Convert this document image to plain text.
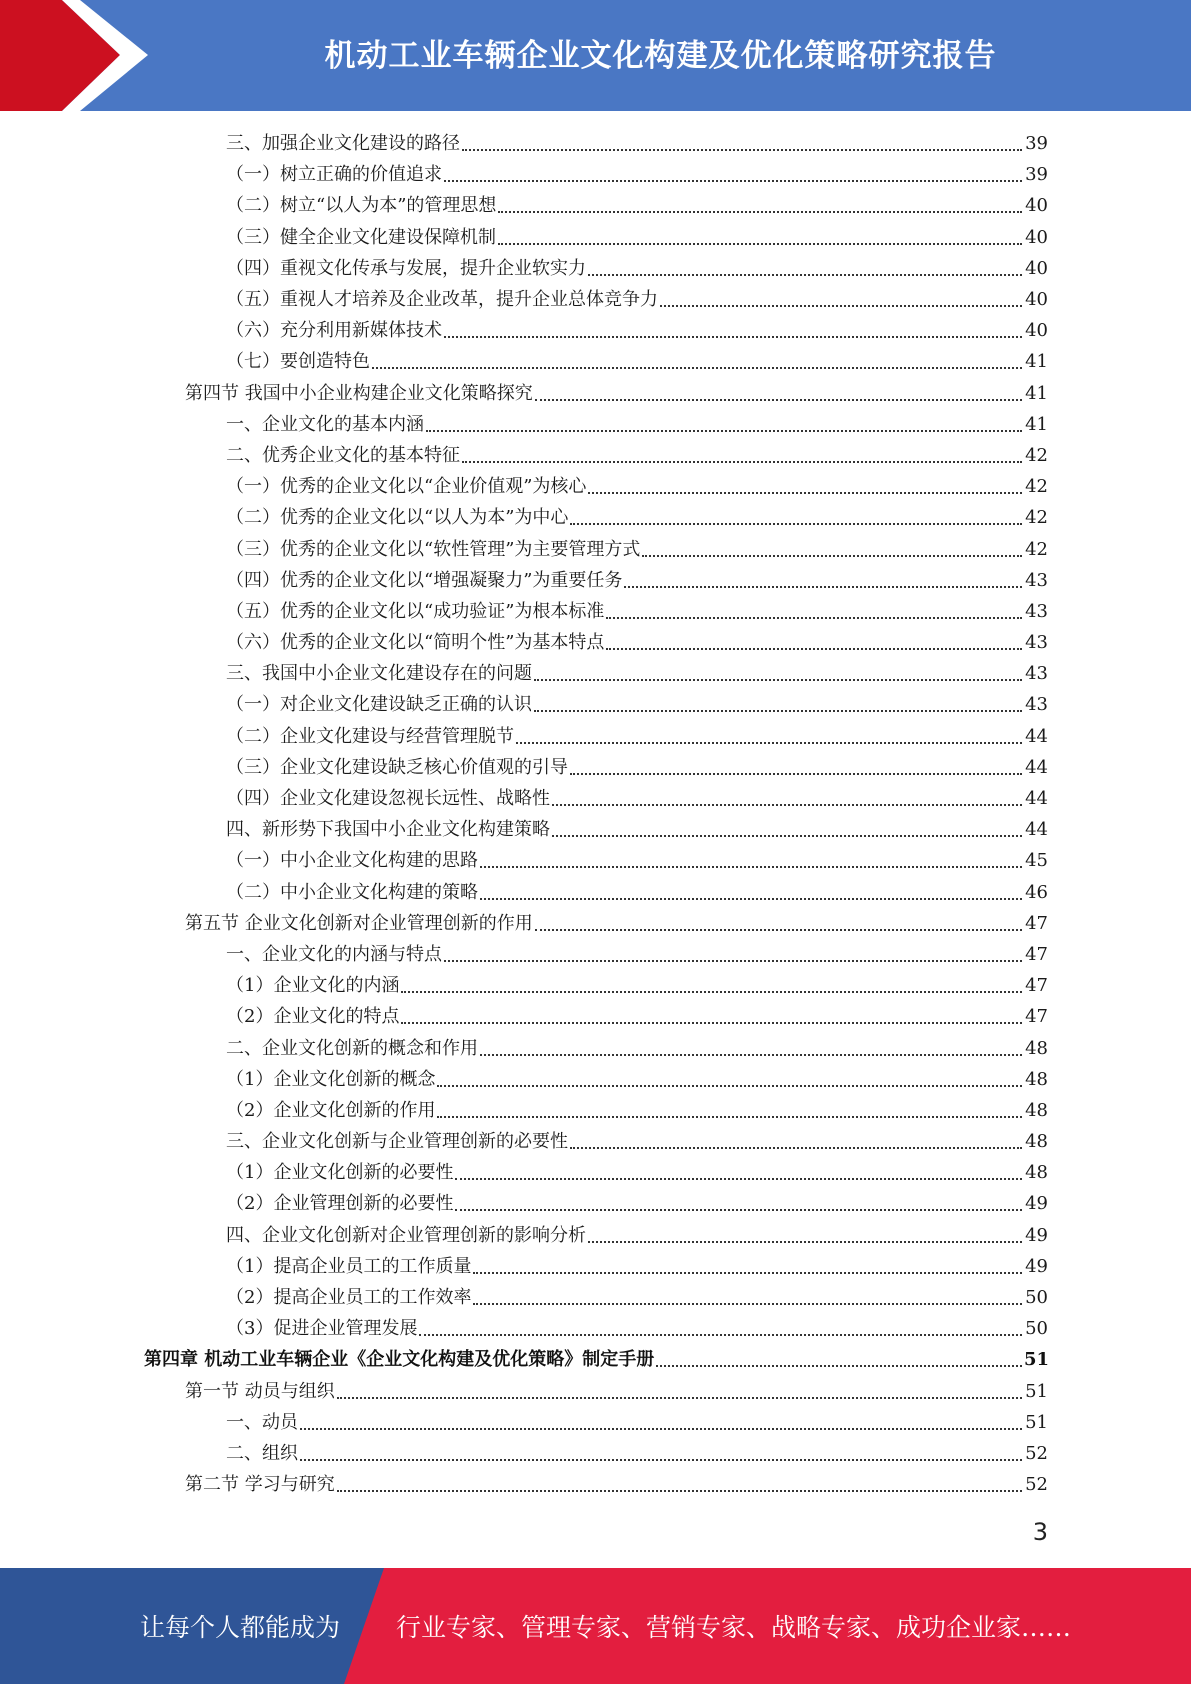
机动工业车辆企业文化构建及优化策略研究报告
三、加强企业文化建设的路径	39
（一）树立正确的价值追求	39
（二）树立“以人为本”的管理思想	40
（三）健全企业文化建设保障机制	40
（四）重视文化传承与发展，提升企业软实力	40
（五）重视人才培养及企业改革，提升企业总体竞争力	40
（六）充分利用新媒体技术	40
（七）要创造特色	41
第四节 我国中小企业构建企业文化策略探究	41
一、企业文化的基本内涵	41
二、优秀企业文化的基本特征	42
（一）优秀的企业文化以“企业价值观”为核心	42
（二）优秀的企业文化以“以人为本”为中心	42
（三）优秀的企业文化以“软性管理”为主要管理方式	42
（四）优秀的企业文化以“增强凝聚力”为重要任务	43
（五）优秀的企业文化以“成功验证”为根本标准	43
（六）优秀的企业文化以“简明个性”为基本特点	43
三、我国中小企业文化建设存在的问题	43
（一）对企业文化建设缺乏正确的认识	43
（二）企业文化建设与经营管理脱节	44
（三）企业文化建设缺乏核心价值观的引导	44
（四）企业文化建设忽视长远性、战略性	44
四、新形势下我国中小企业文化构建策略	44
（一）中小企业文化构建的思路	45
（二）中小企业文化构建的策略	46
第五节 企业文化创新对企业管理创新的作用	47
一、企业文化的内涵与特点	47
（1）企业文化的内涵	47
（2）企业文化的特点	47
二、企业文化创新的概念和作用	48
（1）企业文化创新的概念	48
（2）企业文化创新的作用	48
三、企业文化创新与企业管理创新的必要性	48
（1）企业文化创新的必要性	48
（2）企业管理创新的必要性	49
四、企业文化创新对企业管理创新的影响分析	49
（1）提高企业员工的工作质量	49
（2）提高企业员工的工作效率	50
（3）促进企业管理发展	50
第四章 机动工业车辆企业《企业文化构建及优化策略》制定手册	51
第一节 动员与组织	51
一、动员	51
二、组织	52
第二节 学习与研究	52
3
让每个人都能成为 行业专家、管理专家、营销专家、战略专家、成功企业家……
